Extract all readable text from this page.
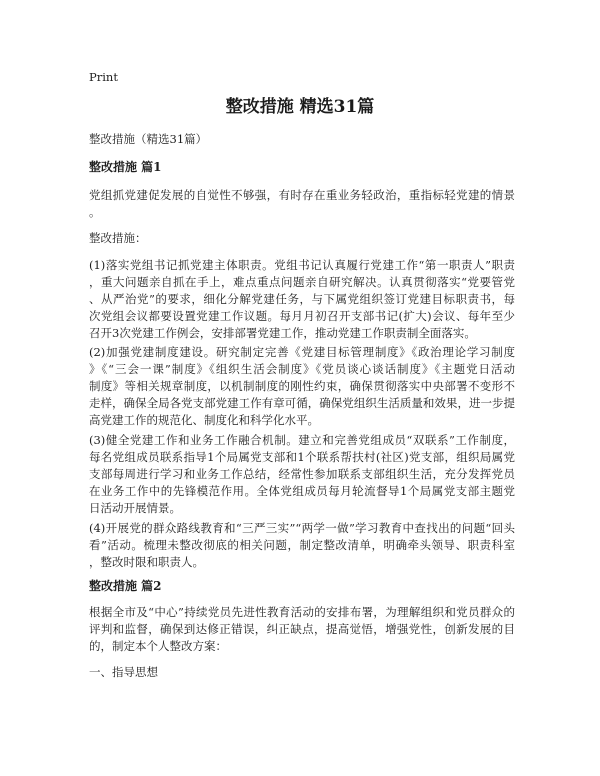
Print
整改措施 精选31篇
整改措施（精选31篇）
整改措施 篇1
党组抓党建促发展的自觉性不够强，有时存在重业务轻政治，重指标轻党建的情景
。
整改措施：
(1)落实党组书记抓党建主体职责。党组书记认真履行党建工作“第一职责人”职责
，重大问题亲自抓在手上，难点重点问题亲自研究解决。认真贯彻落实“党要管党
、从严治党”的要求，细化分解党建任务，与下属党组织签订党建目标职责书，每
次党组会议都要设置党建工作议题。每月月初召开支部书记(扩大)会议、每年至少
召开3次党建工作例会，安排部署党建工作，推动党建工作职责制全面落实。
(2)加强党建制度建设。研究制定完善《党建目标管理制度》《政治理论学习制度
》《“三会一课”制度》《组织生活会制度》《党员谈心谈话制度》《主题党日活动
制度》等相关规章制度，以机制制度的刚性约束，确保贯彻落实中央部署不变形不
走样，确保全局各党支部党建工作有章可循，确保党组织生活质量和效果，进一步提
高党建工作的规范化、制度化和科学化水平。
(3)健全党建工作和业务工作融合机制。建立和完善党组成员“双联系”工作制度，
每名党组成员联系指导1个局属党支部和1个联系帮扶村(社区)党支部，组织局属党
支部每周进行学习和业务工作总结，经常性参加联系支部组织生活，充分发挥党员
在业务工作中的先锋模范作用。全体党组成员每月轮流督导1个局属党支部主题党
日活动开展情景。
(4)开展党的群众路线教育和“三严三实”“两学一做”学习教育中查找出的问题“回头
看”活动。梳理未整改彻底的相关问题，制定整改清单，明确牵头领导、职责科室
，整改时限和职责人。
整改措施 篇2
根据全市及“中心”持续党员先进性教育活动的安排布署，为理解组织和党员群众的
评判和监督，确保到达修正错误，纠正缺点，提高觉悟，增强党性，创新发展的目
的，制定本个人整改方案：
一、指导思想
